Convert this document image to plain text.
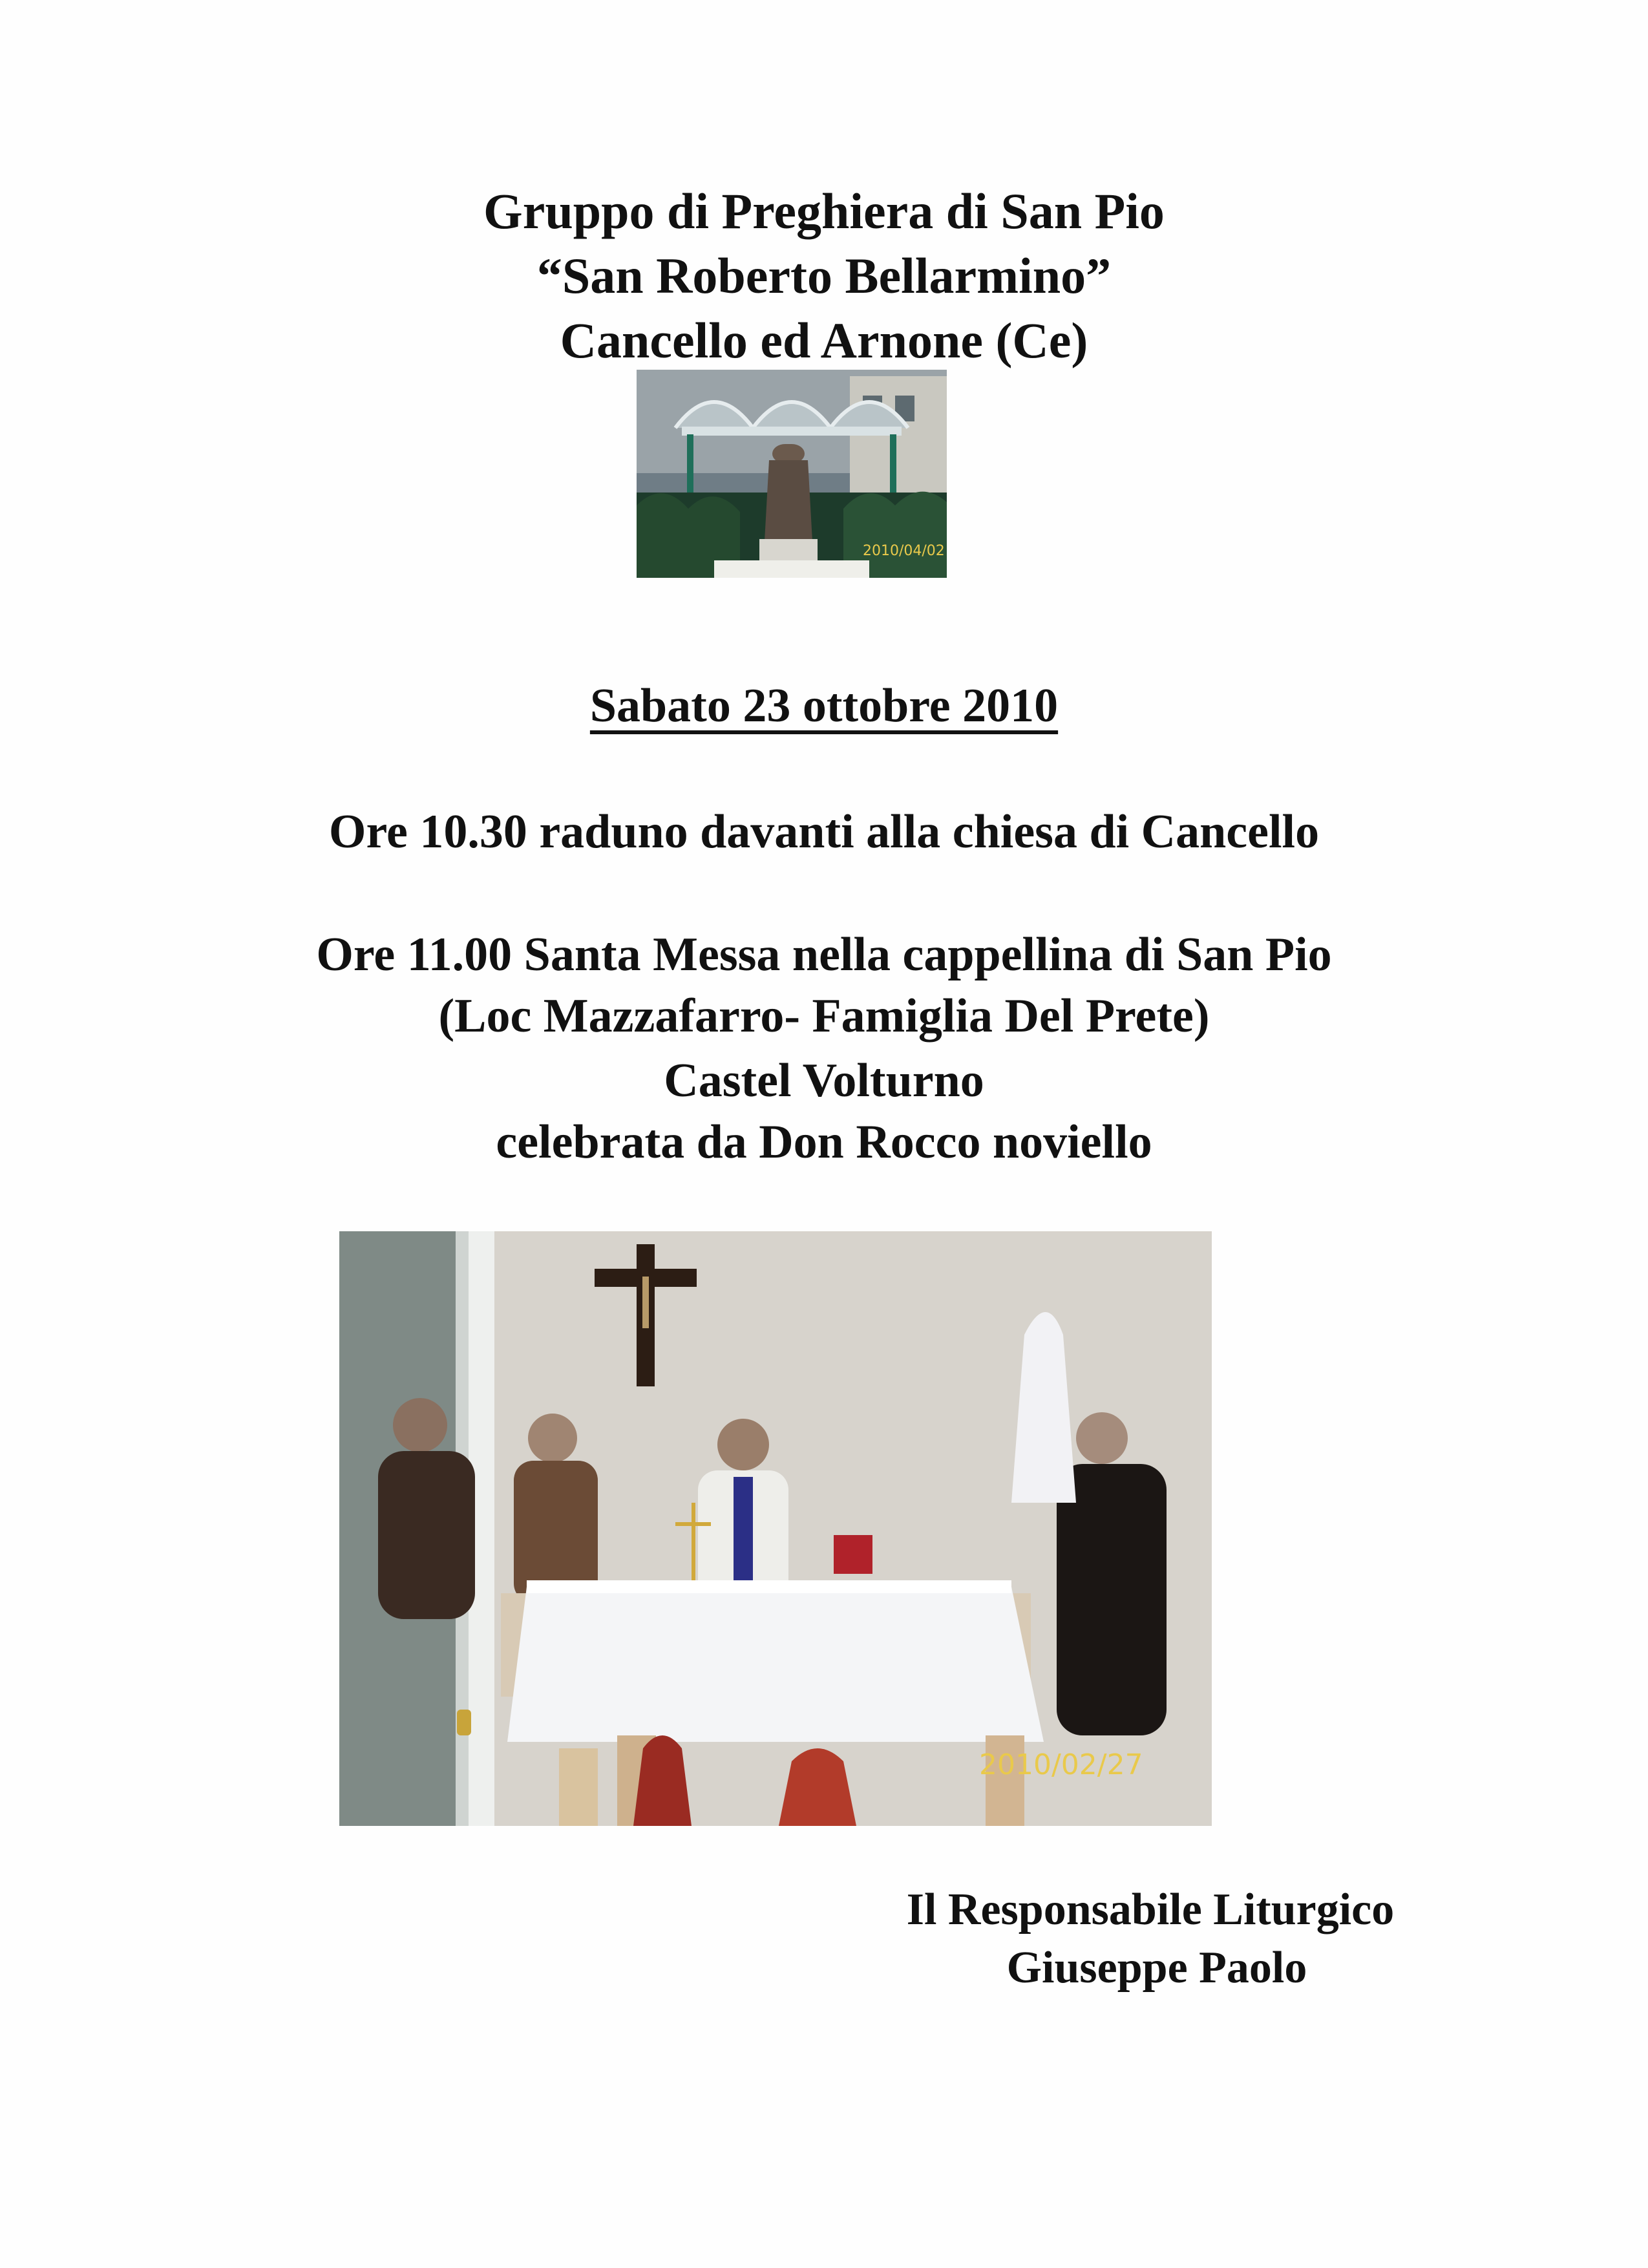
Gruppo di Preghiera di San Pio
“San Roberto Bellarmino”
Cancello ed Arnone (Ce)
2010/04/02
Sabato 23 ottobre 2010
Ore 10.30 raduno davanti alla chiesa di Cancello
Ore 11.00 Santa Messa nella cappellina di San Pio
(Loc Mazzafarro- Famiglia Del Prete)
Castel Volturno
celebrata da Don Rocco noviello
2010/02/27
Il Responsabile Liturgico
Giuseppe Paolo
